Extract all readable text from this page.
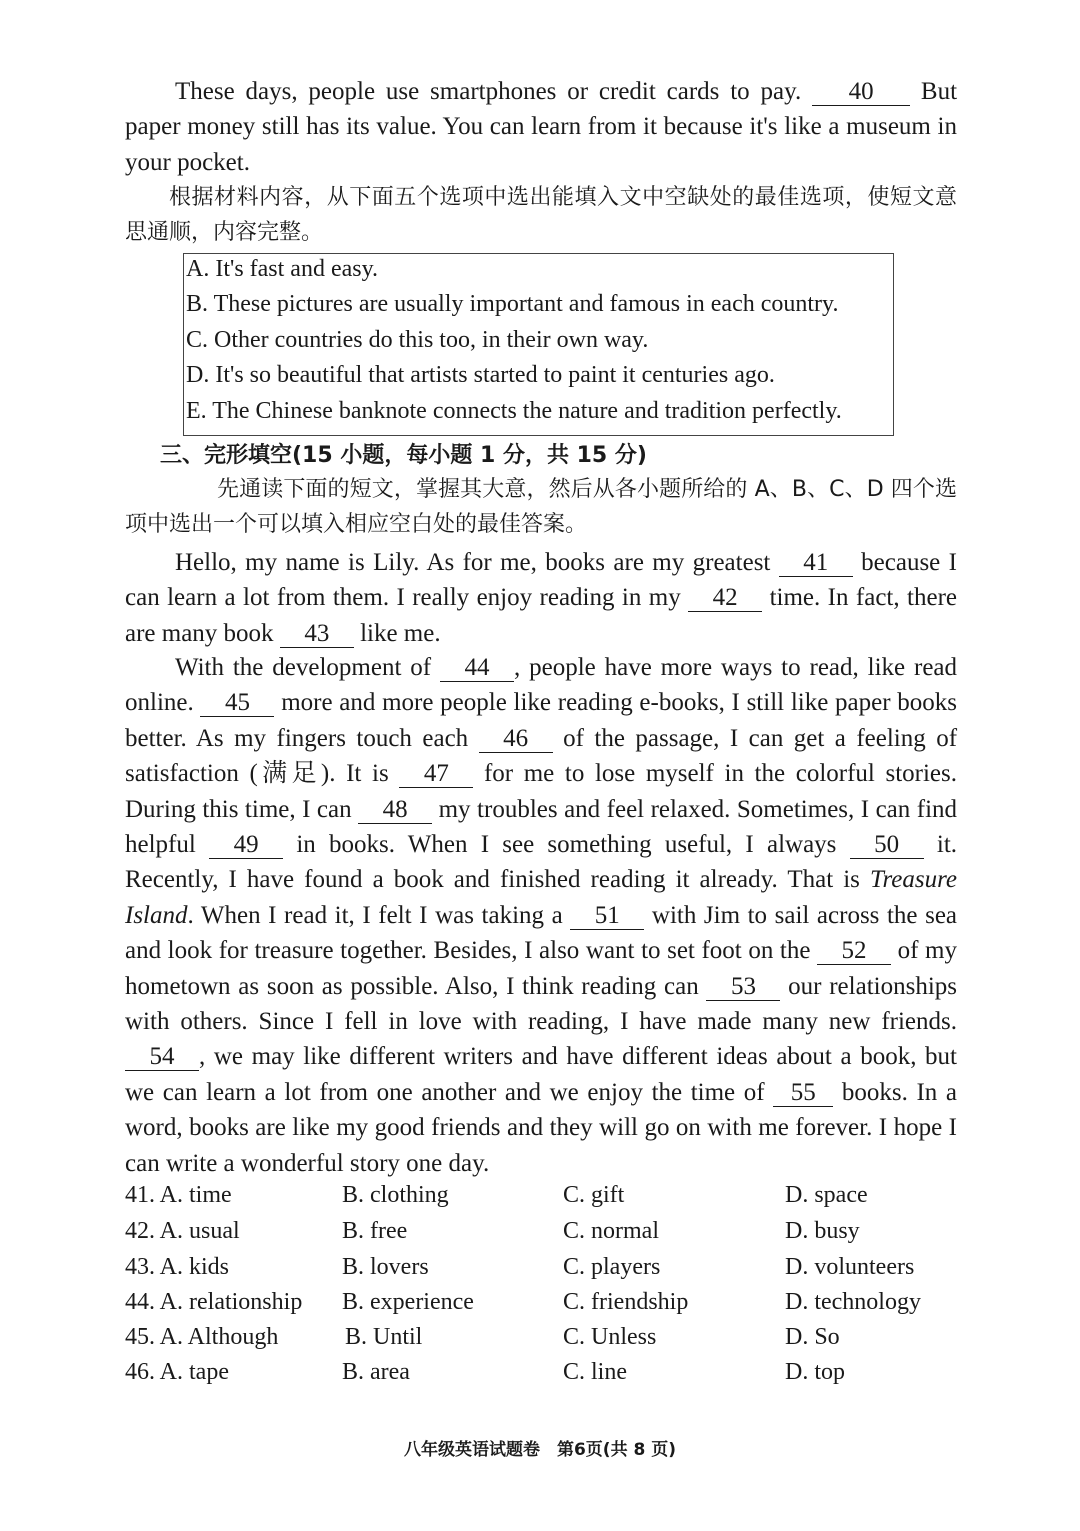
These days, people use smartphones or credit cards to pay. 40 But paper money still has its value. You can learn from it because it's like a museum in your pocket.

根据材料内容，从下面五个选项中选出能填入文中空缺处的最佳选项，使短文意思通顺，内容完整。

A. It's fast and easy.
B. These pictures are usually important and famous in each country.
C. Other countries do this too, in their own way.
D. It's so beautiful that artists started to paint it centuries ago.
E. The Chinese banknote connects the nature and tradition perfectly.
三、完形填空(15 小题，每小题 1 分，共 15 分)

先通读下面的短文，掌握其大意，然后从各小题所给的 A、B、C、D 四个选项中选出一个可以填入相应空白处的最佳答案。

Hello, my name is Lily. As for me, books are my greatest 41 because I can learn a lot from them. I really enjoy reading in my 42 time. In fact, there are many book 43 like me.

With the development of 44 , people have more ways to read, like read online. 45 more and more people like reading e-books, I still like paper books better. As my fingers touch each 46 of the passage, I can get a feeling of satisfaction (满足). It is 47 for me to lose myself in the colorful stories. During this time, I can 48 my troubles and feel relaxed. Sometimes, I can find helpful 49 in books. When I see something useful, I always 50 it. Recently, I have found a book and finished reading it already. That is Treasure Island. When I read it, I felt I was taking a 51 with Jim to sail across the sea and look for treasure together. Besides, I also want to set foot on the 52 of my hometown as soon as possible. Also, I think reading can 53 our relationships with others. Since I fell in love with reading, I have made many new friends. 54 , we may like different writers and have different ideas about a book, but we can learn a lot from one another and we enjoy the time of 55 books. In a word, books are like my good friends and they will go on with me forever. I hope I can write a wonderful story one day.

41. A. time	B. clothing	C. gift	D. space
42. A. usual	B. free	C. normal	D. busy
43. A. kids	B. lovers	C. players	D. volunteers
44. A. relationship B. experience	C. friendship	D. technology
45. A. Although	B. Until	C. Unless	D. So
46. A. tape	B. area	C. line	D. top
八年级英语试题卷　第6页(共 8 页)
